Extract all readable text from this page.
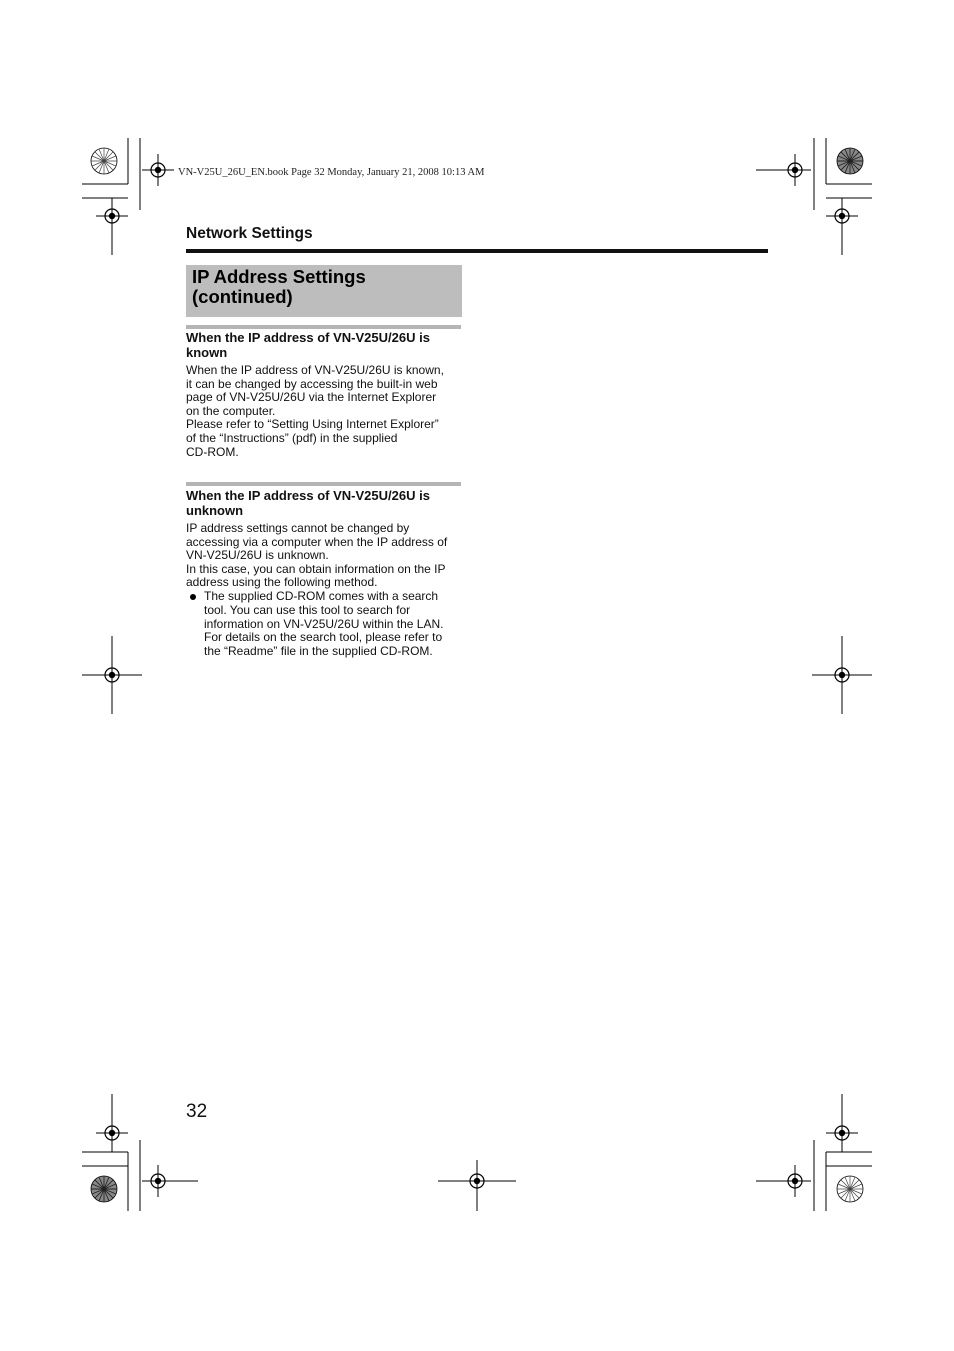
VN-V25U_26U_EN.book Page 32 Monday, January 21, 2008 10:13 AM
Network Settings
IP Address Settings
(continued)
When the IP address of VN-V25U/26U is
known
When the IP address of VN-V25U/26U is known,
it can be changed by accessing the built-in web
page of VN-V25U/26U via the Internet Explorer
on the computer.
Please refer to “Setting Using Internet Explorer”
of the “Instructions” (pdf) in the supplied
CD-ROM.
When the IP address of VN-V25U/26U is
unknown
IP address settings cannot be changed by
accessing via a computer when the IP address of
VN-V25U/26U is unknown.
In this case, you can obtain information on the IP
address using the following method.
The supplied CD-ROM comes with a search
tool. You can use this tool to search for
information on VN-V25U/26U within the LAN.
For details on the search tool, please refer to
the “Readme” file in the supplied CD-ROM.
32
